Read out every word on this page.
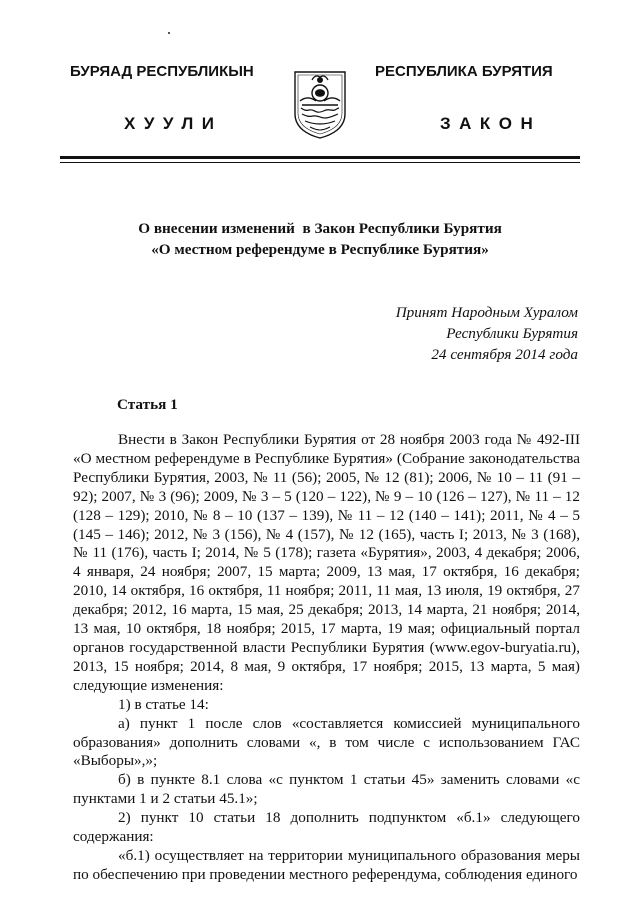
БУРЯАД РЕСПУБЛИКЫН
ХУУЛИ
РЕСПУБЛИКА БУРЯТИЯ
ЗАКОН
О внесении изменений  в Закон Республики Бурятия
«О местном референдуме в Республике Бурятия»
Принят Народным Хуралом
Республики Бурятия
24 сентября 2014 года
Статья 1

Внести в Закон Республики Бурятия от 28 ноября 2003 года № 492-III «О местном референдуме в Республике Бурятия» (Собрание законодательства Республики Бурятия, 2003, № 11 (56); 2005, № 12 (81); 2006, № 10 – 11 (91 – 92); 2007, № 3 (96); 2009, № 3 – 5 (120 – 122), № 9 – 10 (126 – 127), № 11 – 12 (128 – 129); 2010, № 8 – 10 (137 – 139), № 11 – 12 (140 – 141); 2011, № 4 – 5 (145 – 146); 2012, № 3 (156), № 4 (157), № 12 (165), часть I; 2013, № 3 (168), № 11 (176), часть I; 2014, № 5 (178); газета «Бурятия», 2003, 4 декабря; 2006, 4 января, 24 ноября; 2007, 15 марта; 2009, 13 мая, 17 октября, 16 декабря; 2010, 14 октября, 16 октября, 11 ноября; 2011, 11 мая, 13 июля, 19 октября, 27 декабря; 2012, 16 марта, 15 мая, 25 декабря; 2013, 14 марта, 21 ноября; 2014, 13 мая, 10 октября, 18 ноября; 2015, 17 марта, 19 мая; официальный портал органов государственной власти Республики Бурятия (www.egov-buryatia.ru), 2013, 15 ноября; 2014, 8 мая, 9 октября, 17 ноября; 2015, 13 марта, 5 мая) следующие изменения:

1) в статье 14:

а) пункт 1 после слов «составляется комиссией муниципального образования» дополнить словами «, в том числе с использованием ГАС «Выборы»,»;

б) в пункте 8.1 слова «с пунктом 1 статьи 45» заменить словами «с пунктами 1 и 2 статьи 45.1»;

2) пункт 10 статьи 18 дополнить подпунктом «б.1» следующего содержания:

«б.1) осуществляет на территории муниципального образования меры по обеспечению при проведении местного референдума, соблюдения единого
